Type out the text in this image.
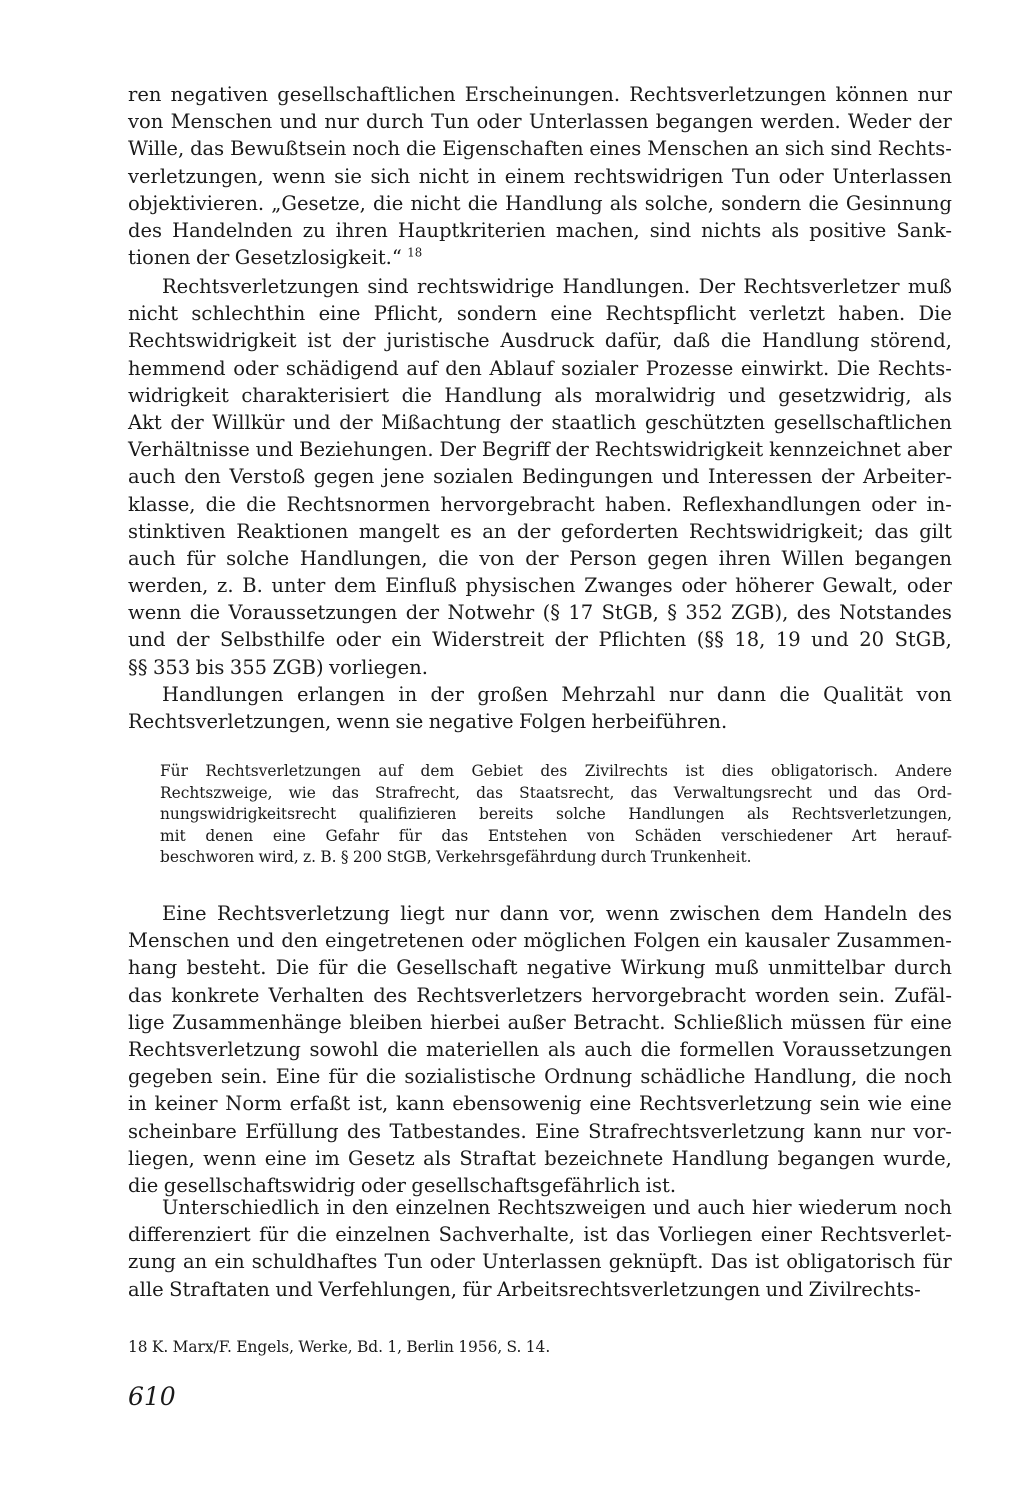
ren negativen gesellschaftlichen Erscheinungen. Rechtsverletzungen können nur
von Menschen und nur durch Tun oder Unterlassen begangen werden. Weder der
Wille, das Bewußtsein noch die Eigenschaften eines Menschen an sich sind Rechts-
verletzungen, wenn sie sich nicht in einem rechtswidrigen Tun oder Unterlassen
objektivieren. „Gesetze, die nicht die Handlung als solche, sondern die Gesinnung
des Handelnden zu ihren Hauptkriterien machen, sind nichts als positive Sank-
tionen der Gesetzlosigkeit.“ $^{18}$
Rechtsverletzungen sind rechtswidrige Handlungen. Der Rechtsverletzer muß
nicht schlechthin eine Pflicht, sondern eine Rechtspflicht verletzt haben. Die
Rechtswidrigkeit ist der juristische Ausdruck dafür, daß die Handlung störend,
hemmend oder schädigend auf den Ablauf sozialer Prozesse einwirkt. Die Rechts-
widrigkeit charakterisiert die Handlung als moralwidrig und gesetzwidrig, als
Akt der Willkür und der Mißachtung der staatlich geschützten gesellschaftlichen
Verhältnisse und Beziehungen. Der Begriff der Rechtswidrigkeit kennzeichnet aber
auch den Verstoß gegen jene sozialen Bedingungen und Interessen der Arbeiter-
klasse, die die Rechtsnormen hervorgebracht haben. Reflexhandlungen oder in-
stinktiven Reaktionen mangelt es an der geforderten Rechtswidrigkeit; das gilt
auch für solche Handlungen, die von der Person gegen ihren Willen begangen
werden, z. B. unter dem Einfluß physischen Zwanges oder höherer Gewalt, oder
wenn die Voraussetzungen der Notwehr (§ 17 StGB, § 352 ZGB), des Notstandes
und der Selbsthilfe oder ein Widerstreit der Pflichten (§§ 18, 19 und 20 StGB,
§§ 353 bis 355 ZGB) vorliegen.
Handlungen erlangen in der großen Mehrzahl nur dann die Qualität von
Rechtsverletzungen, wenn sie negative Folgen herbeiführen.
Für Rechtsverletzungen auf dem Gebiet des Zivilrechts ist dies obligatorisch. Andere
Rechtszweige, wie das Strafrecht, das Staatsrecht, das Verwaltungsrecht und das Ord-
nungswidrigkeitsrecht qualifizieren bereits solche Handlungen als Rechtsverletzungen,
mit denen eine Gefahr für das Entstehen von Schäden verschiedener Art herauf-
beschworen wird, z. B. § 200 StGB, Verkehrsgefährdung durch Trunkenheit.
Eine Rechtsverletzung liegt nur dann vor, wenn zwischen dem Handeln des
Menschen und den eingetretenen oder möglichen Folgen ein kausaler Zusammen-
hang besteht. Die für die Gesellschaft negative Wirkung muß unmittelbar durch
das konkrete Verhalten des Rechtsverletzers hervorgebracht worden sein. Zufäl-
lige Zusammenhänge bleiben hierbei außer Betracht. Schließlich müssen für eine
Rechtsverletzung sowohl die materiellen als auch die formellen Voraussetzungen
gegeben sein. Eine für die sozialistische Ordnung schädliche Handlung, die noch
in keiner Norm erfaßt ist, kann ebensowenig eine Rechtsverletzung sein wie eine
scheinbare Erfüllung des Tatbestandes. Eine Strafrechtsverletzung kann nur vor-
liegen, wenn eine im Gesetz als Straftat bezeichnete Handlung begangen wurde,
die gesellschaftswidrig oder gesellschaftsgefährlich ist.
Unterschiedlich in den einzelnen Rechtszweigen und auch hier wiederum noch
differenziert für die einzelnen Sachverhalte, ist das Vorliegen einer Rechtsverlet-
zung an ein schuldhaftes Tun oder Unterlassen geknüpft. Das ist obligatorisch für
alle Straftaten und Verfehlungen, für Arbeitsrechtsverletzungen und Zivilrechts-
18 K. Marx/F. Engels, Werke, Bd. 1, Berlin 1956, S. 14.
610
